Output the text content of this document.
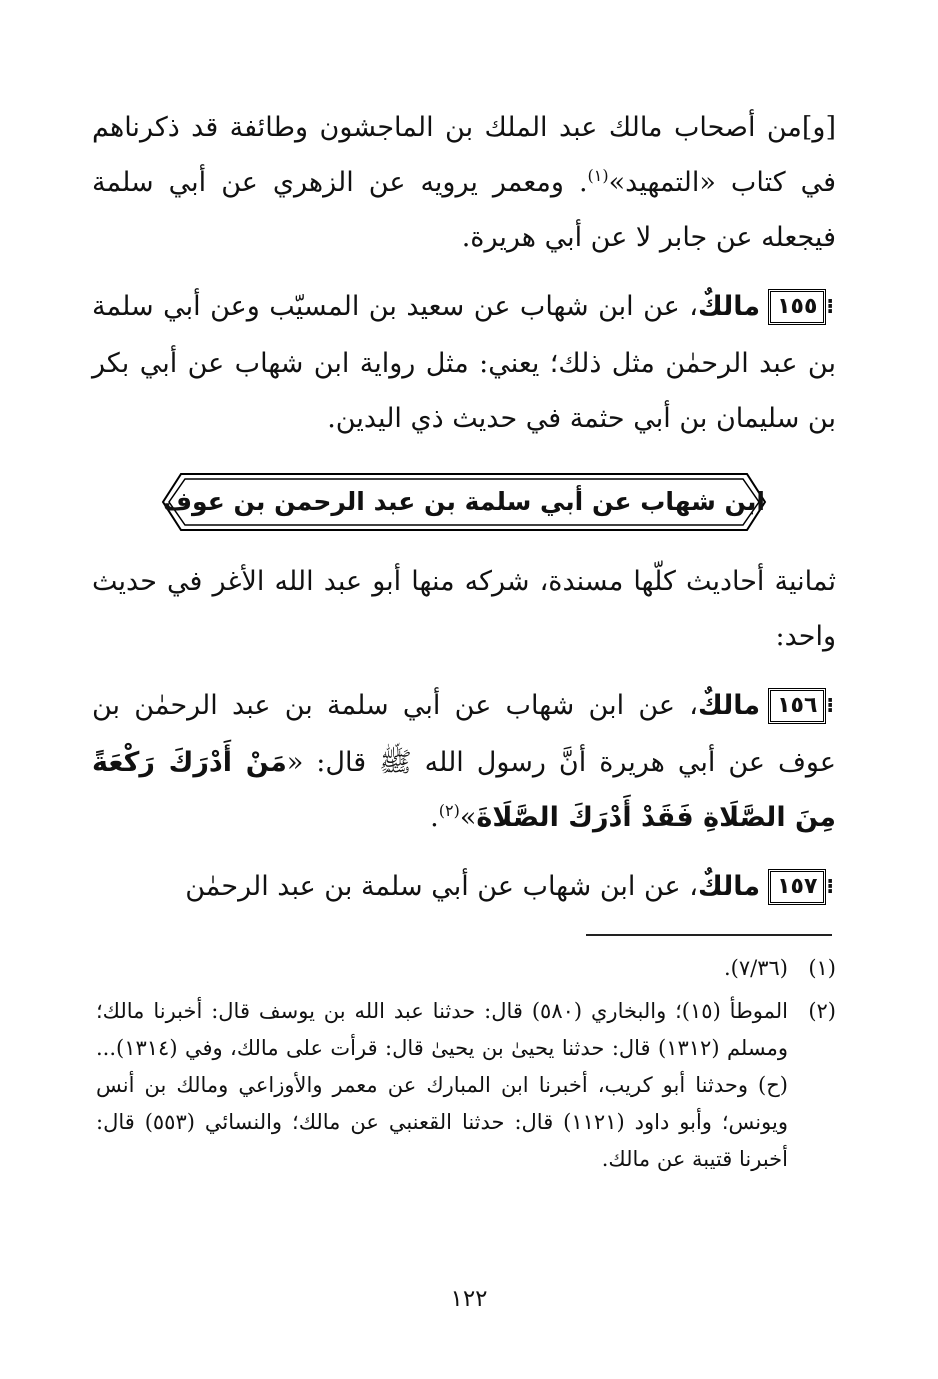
[و]من أصحاب مالك عبد الملك بن الماجشون وطائفة قد ذكرناهم في كتاب «التمهيد»$^{(١)}$. ومعمر يرويه عن الزهري عن أبي سلمة فيجعله عن جابر لا عن أبي هريرة.

⁝١٥٥مالكٌ، عن ابن شهاب عن سعيد بن المسيّب وعن أبي سلمة بن عبد الرحمٰن مثل ذلك؛ يعني: مثل رواية ابن شهاب عن أبي بكر بن سليمان بن أبي حثمة في حديث ذي اليدين.

ابن شهاب عن أبي سلمة بن عبد الرحمن بن عوف

ثمانية أحاديث كلّها مسندة، شركه منها أبو عبد الله الأغر في حديث واحد:

⁝١٥٦مالكٌ، عن ابن شهاب عن أبي سلمة بن عبد الرحمٰن بن عوف عن أبي هريرة أنَّ رسول الله ﷺ قال: «مَنْ أَدْرَكَ رَكْعَةً مِنَ الصَّلَاةِ فَقَدْ أَدْرَكَ الصَّلَاةَ»$^{(٢)}$.

⁝١٥٧مالكٌ، عن ابن شهاب عن أبي سلمة بن عبد الرحمٰن

(١)
(٧/٣٦).
(٢)
الموطأ (١٥)؛ والبخاري (٥٨٠) قال: حدثنا عبد الله بن يوسف قال: أخبرنا مالك؛ ومسلم (١٣١٢) قال: حدثنا يحيىٰ بن يحيىٰ قال: قرأت على مالك، وفي (١٣١٤)... (ح) وحدثنا أبو كريب، أخبرنا ابن المبارك عن معمر والأوزاعي ومالك بن أنس ويونس؛ وأبو داود (١١٢١) قال: حدثنا القعنبي عن مالك؛ والنسائي (٥٥٣) قال: أخبرنا قتيبة عن مالك.
١٢٢
